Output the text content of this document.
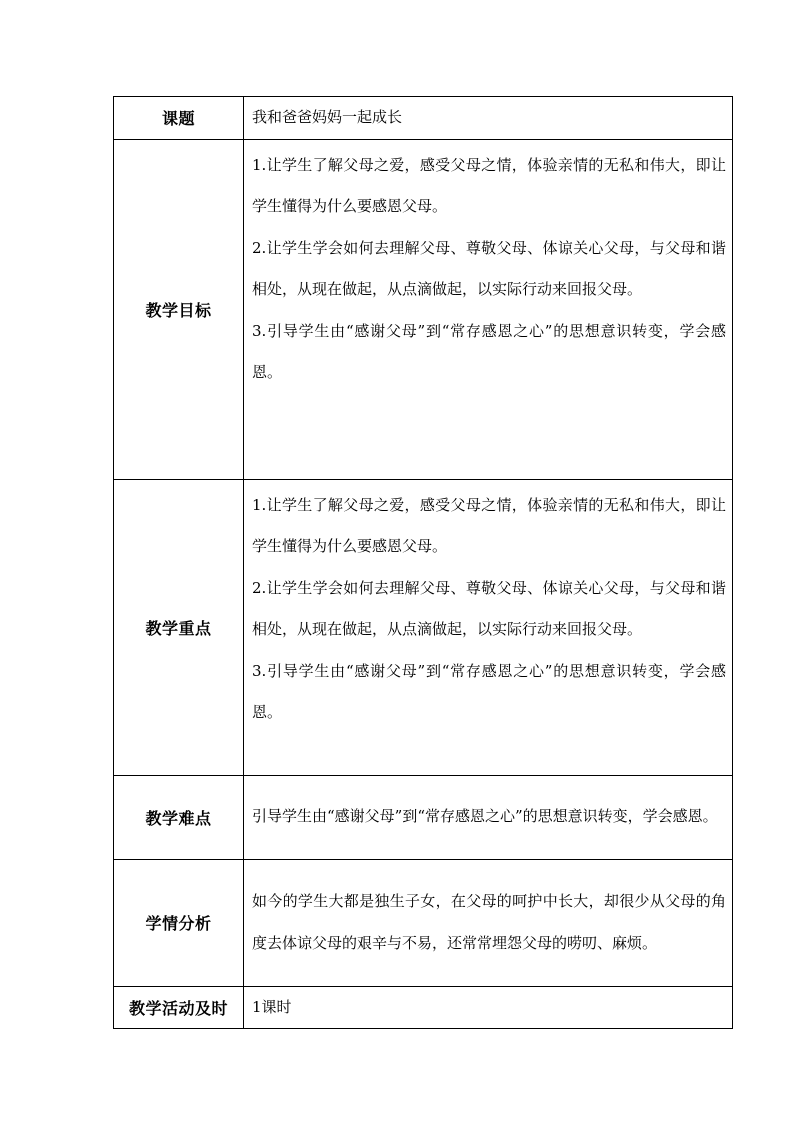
课题	我和爸爸妈妈一起成长

教学目标	1.让学生了解父母之爱，感受父母之情，体验亲情的无私和伟大，即让学生懂得为什么要感恩父母。

2.让学生学会如何去理解父母、尊敬父母、体谅关心父母，与父母和谐相处，从现在做起，从点滴做起，以实际行动来回报父母。

3.引导学生由“感谢父母”到“常存感恩之心”的思想意识转变，学会感恩。

教学重点	1.让学生了解父母之爱，感受父母之情，体验亲情的无私和伟大，即让学生懂得为什么要感恩父母。

2.让学生学会如何去理解父母、尊敬父母、体谅关心父母，与父母和谐相处，从现在做起，从点滴做起，以实际行动来回报父母。

3.引导学生由“感谢父母”到“常存感恩之心”的思想意识转变，学会感恩。

教学难点	引导学生由“感谢父母”到“常存感恩之心”的思想意识转变，学会感恩。

学情分析	如今的学生大都是独生子女，在父母的呵护中长大，却很少从父母的角度去体谅父母的艰辛与不易，还常常埋怨父母的唠叨、麻烦。

教学活动及时	1课时
